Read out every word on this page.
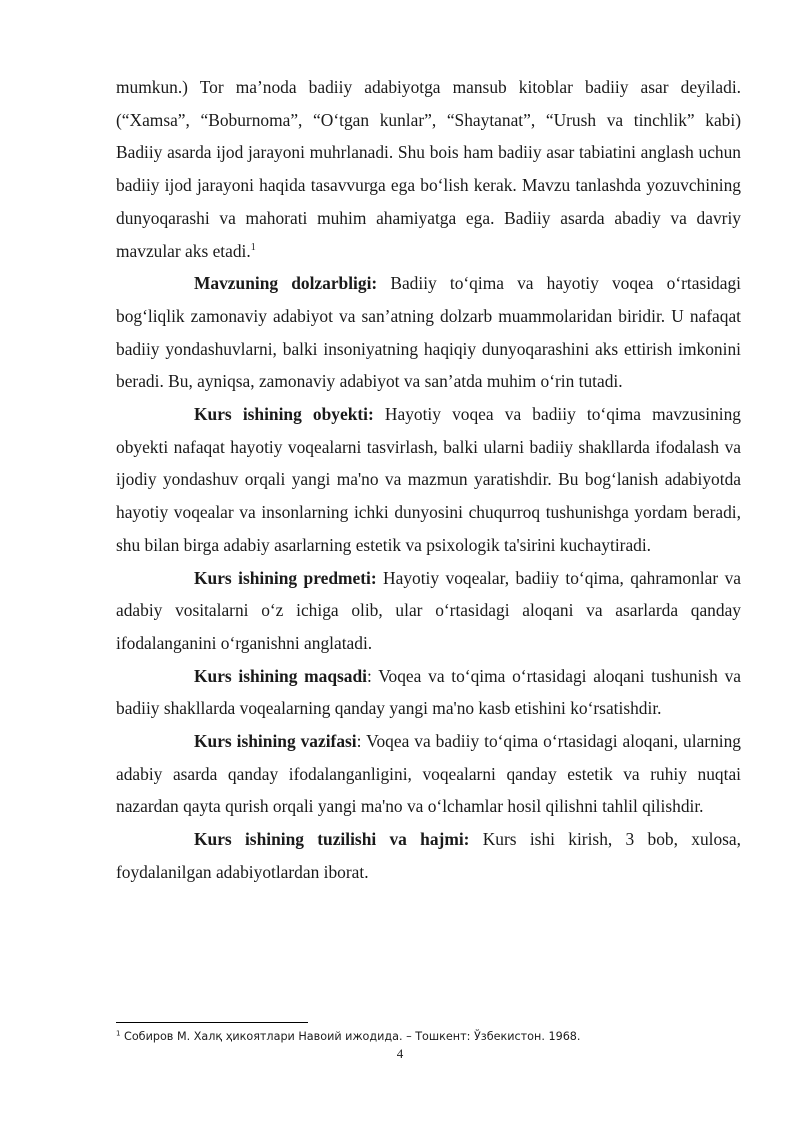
mumkun.) Tor ma’noda badiiy adabiyotga mansub kitoblar badiiy asar deyiladi. (“Xamsa”, “Boburnoma”, “O‘tgan kunlar”, “Shaytanat”, “Urush va tinchlik” kabi) Badiiy asarda ijod jarayoni muhrlanadi. Shu bois ham badiiy asar tabiatini anglash uchun badiiy ijod jarayoni haqida tasavvurga ega bo‘lish kerak. Mavzu tanlashda yozuvchining dunyoqarashi va mahorati muhim ahamiyatga ega. Badiiy asarda abadiy va davriy mavzular aks etadi.$^1$

Mavzuning dolzarbligi: Badiiy to‘qima va hayotiy voqea o‘rtasidagi bog‘liqlik zamonaviy adabiyot va san’atning dolzarb muammolaridan biridir. U nafaqat badiiy yondashuvlarni, balki insoniyatning haqiqiy dunyoqarashini aks ettirish imkonini beradi. Bu, ayniqsa, zamonaviy adabiyot va san’atda muhim o‘rin tutadi.

Kurs ishining obyekti: Hayotiy voqea va badiiy to‘qima mavzusining obyekti nafaqat hayotiy voqealarni tasvirlash, balki ularni badiiy shakllarda ifodalash va ijodiy yondashuv orqali yangi ma'no va mazmun yaratishdir. Bu bog‘lanish adabiyotda hayotiy voqealar va insonlarning ichki dunyosini chuqurroq tushunishga yordam beradi, shu bilan birga adabiy asarlarning estetik va psixologik ta'sirini kuchaytiradi.

Kurs ishining predmeti: Hayotiy voqealar, badiiy to‘qima, qahramonlar va adabiy vositalarni o‘z ichiga olib, ular o‘rtasidagi aloqani va asarlarda qanday ifodalanganini o‘rganishni anglatadi.

Kurs ishining maqsadi: Voqea va to‘qima o‘rtasidagi aloqani tushunish va badiiy shakllarda voqealarning qanday yangi ma'no kasb etishini ko‘rsatishdir.

Kurs ishining vazifasi: Voqea va badiiy to‘qima o‘rtasidagi aloqani, ularning adabiy asarda qanday ifodalanganligini, voqealarni qanday estetik va ruhiy nuqtai nazardan qayta qurish orqali yangi ma'no va o‘lchamlar hosil qilishni tahlil qilishdir.

Kurs ishining tuzilishi va hajmi: Kurs ishi kirish, 3 bob, xulosa, foydalanilgan adabiyotlardan iborat.

$^1$ Собиров М. Халқ ҳикоятлари Навоий ижодида. – Тошкент: Ўзбекистон. 1968.
4
